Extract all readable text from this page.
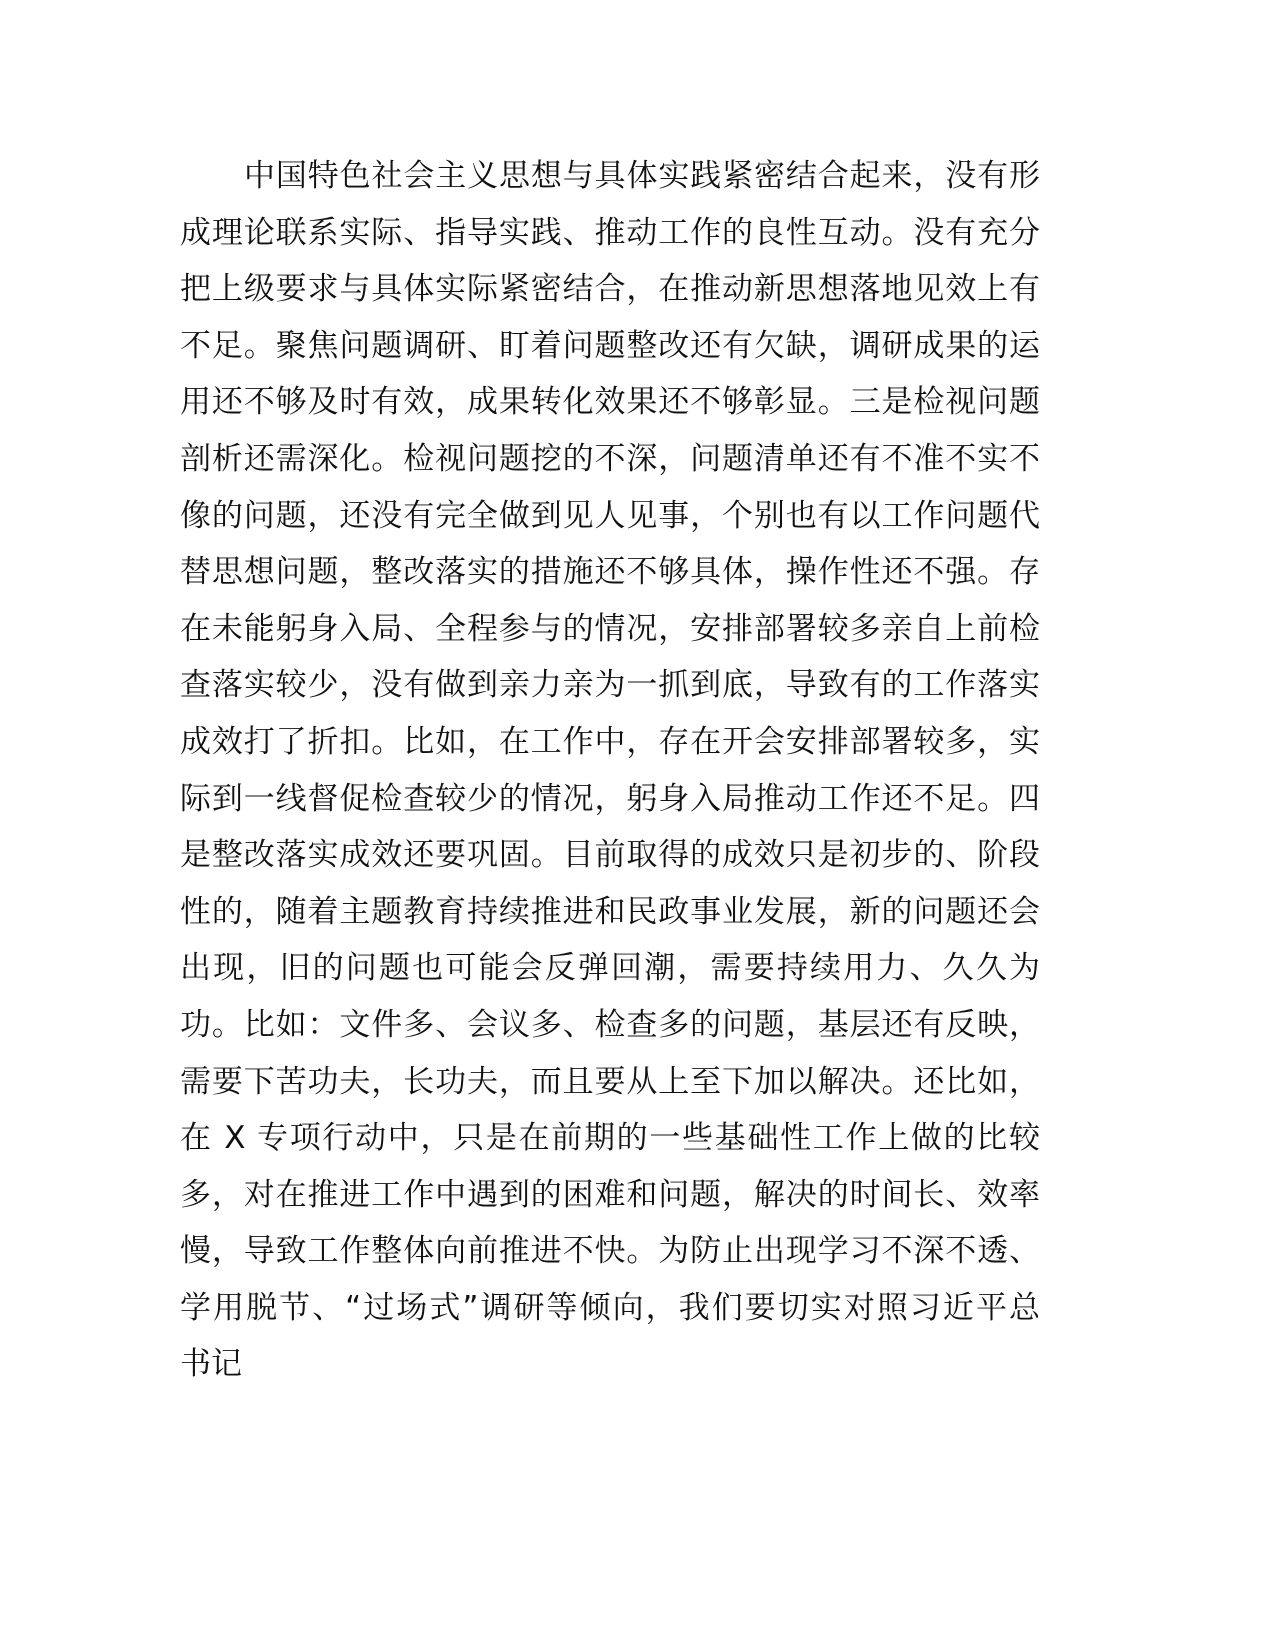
中国特色社会主义思想与具体实践紧密结合起来，没有形
成理论联系实际、指导实践、推动工作的良性互动。没有充分
把上级要求与具体实际紧密结合，在推动新思想落地见效上有
不足。聚焦问题调研、盯着问题整改还有欠缺，调研成果的运
用还不够及时有效，成果转化效果还不够彰显。三是检视问题
剖析还需深化。检视问题挖的不深，问题清单还有不准不实不
像的问题，还没有完全做到见人见事，个别也有以工作问题代
替思想问题，整改落实的措施还不够具体，操作性还不强。存
在未能躬身入局、全程参与的情况，安排部署较多亲自上前检
查落实较少，没有做到亲力亲为一抓到底，导致有的工作落实
成效打了折扣。比如，在工作中，存在开会安排部署较多，实
际到一线督促检查较少的情况，躬身入局推动工作还不足。四
是整改落实成效还要巩固。目前取得的成效只是初步的、阶段
性的，随着主题教育持续推进和民政事业发展，新的问题还会
出现，旧的问题也可能会反弹回潮，需要持续用力、久久为
功。比如：文件多、会议多、检查多的问题，基层还有反映，
需要下苦功夫，长功夫，而且要从上至下加以解决。还比如，
在 X 专项行动中，只是在前期的一些基础性工作上做的比较
多，对在推进工作中遇到的困难和问题，解决的时间长、效率
慢，导致工作整体向前推进不快。为防止出现学习不深不透、
学用脱节、“过场式”调研等倾向，我们要切实对照习近平总
书记
